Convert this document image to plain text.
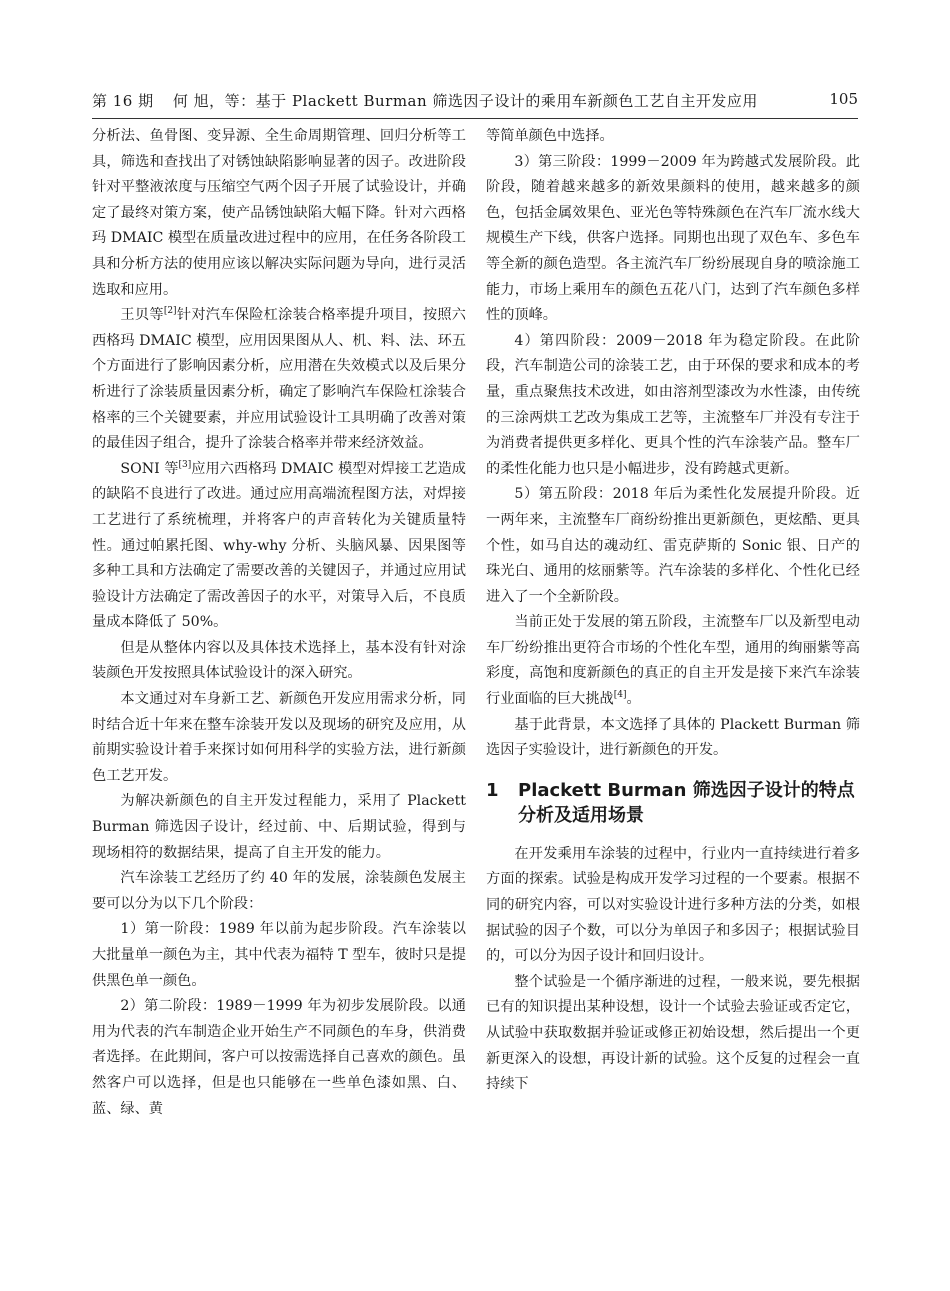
第 16 期 何 旭，等：基于 Plackett Burman 筛选因子设计的乘用车新颜色工艺自主开发应用	105

分析法、鱼骨图、变异源、全生命周期管理、回归分析等工具，筛选和查找出了对锈蚀缺陷影响显著的因子。改进阶段针对平整液浓度与压缩空气两个因子开展了试验设计，并确定了最终对策方案，使产品锈蚀缺陷大幅下降。针对六西格玛 DMAIC 模型在质量改进过程中的应用，在任务各阶段工具和分析方法的使用应该以解决实际问题为导向，进行灵活选取和应用。

王贝等[2]针对汽车保险杠涂装合格率提升项目，按照六西格玛 DMAIC 模型，应用因果图从人、机、料、法、环五个方面进行了影响因素分析，应用潜在失效模式以及后果分析进行了涂装质量因素分析，确定了影响汽车保险杠涂装合格率的三个关键要素，并应用试验设计工具明确了改善对策的最佳因子组合，提升了涂装合格率并带来经济效益。

SONI 等[3]应用六西格玛 DMAIC 模型对焊接工艺造成的缺陷不良进行了改进。通过应用高端流程图方法，对焊接工艺进行了系统梳理，并将客户的声音转化为关键质量特性。通过帕累托图、why-why 分析、头脑风暴、因果图等多种工具和方法确定了需要改善的关键因子，并通过应用试验设计方法确定了需改善因子的水平，对策导入后，不良质量成本降低了 50%。

但是从整体内容以及具体技术选择上，基本没有针对涂装颜色开发按照具体试验设计的深入研究。

本文通过对车身新工艺、新颜色开发应用需求分析，同时结合近十年来在整车涂装开发以及现场的研究及应用，从前期实验设计着手来探讨如何用科学的实验方法，进行新颜色工艺开发。

为解决新颜色的自主开发过程能力，采用了 Plackett Burman 筛选因子设计，经过前、中、后期试验，得到与现场相符的数据结果，提高了自主开发的能力。

汽车涂装工艺经历了约 40 年的发展，涂装颜色发展主要可以分为以下几个阶段：

1）第一阶段：1989 年以前为起步阶段。汽车涂装以大批量单一颜色为主，其中代表为福特 T 型车，彼时只是提供黑色单一颜色。

2）第二阶段：1989－1999 年为初步发展阶段。以通用为代表的汽车制造企业开始生产不同颜色的车身，供消费者选择。在此期间，客户可以按需选择自己喜欢的颜色。虽然客户可以选择，但是也只能够在一些单色漆如黑、白、蓝、绿、黄

等简单颜色中选择。

3）第三阶段：1999－2009 年为跨越式发展阶段。此阶段，随着越来越多的新效果颜料的使用，越来越多的颜色，包括金属效果色、亚光色等特殊颜色在汽车厂流水线大规模生产下线，供客户选择。同期也出现了双色车、多色车等全新的颜色造型。各主流汽车厂纷纷展现自身的喷涂施工能力，市场上乘用车的颜色五花八门，达到了汽车颜色多样性的顶峰。

4）第四阶段：2009－2018 年为稳定阶段。在此阶段，汽车制造公司的涂装工艺，由于环保的要求和成本的考量，重点聚焦技术改进，如由溶剂型漆改为水性漆，由传统的三涂两烘工艺改为集成工艺等，主流整车厂并没有专注于为消费者提供更多样化、更具个性的汽车涂装产品。整车厂的柔性化能力也只是小幅进步，没有跨越式更新。

5）第五阶段：2018 年后为柔性化发展提升阶段。近一两年来，主流整车厂商纷纷推出更新颜色，更炫酷、更具个性，如马自达的魂动红、雷克萨斯的 Sonic 银、日产的珠光白、通用的炫丽紫等。汽车涂装的多样化、个性化已经进入了一个全新阶段。

当前正处于发展的第五阶段，主流整车厂以及新型电动车厂纷纷推出更符合市场的个性化车型，通用的绚丽紫等高彩度，高饱和度新颜色的真正的自主开发是接下来汽车涂装行业面临的巨大挑战[4]。

基于此背景，本文选择了具体的 Plackett Burman 筛选因子实验设计，进行新颜色的开发。

1	Plackett Burman 筛选因子设计的特点分析及适用场景

在开发乘用车涂装的过程中，行业内一直持续进行着多方面的探索。试验是构成开发学习过程的一个要素。根据不同的研究内容，可以对实验设计进行多种方法的分类，如根据试验的因子个数，可以分为单因子和多因子；根据试验目的，可以分为因子设计和回归设计。

整个试验是一个循序渐进的过程，一般来说，要先根据已有的知识提出某种设想，设计一个试验去验证或否定它，从试验中获取数据并验证或修正初始设想，然后提出一个更新更深入的设想，再设计新的试验。这个反复的过程会一直持续下
